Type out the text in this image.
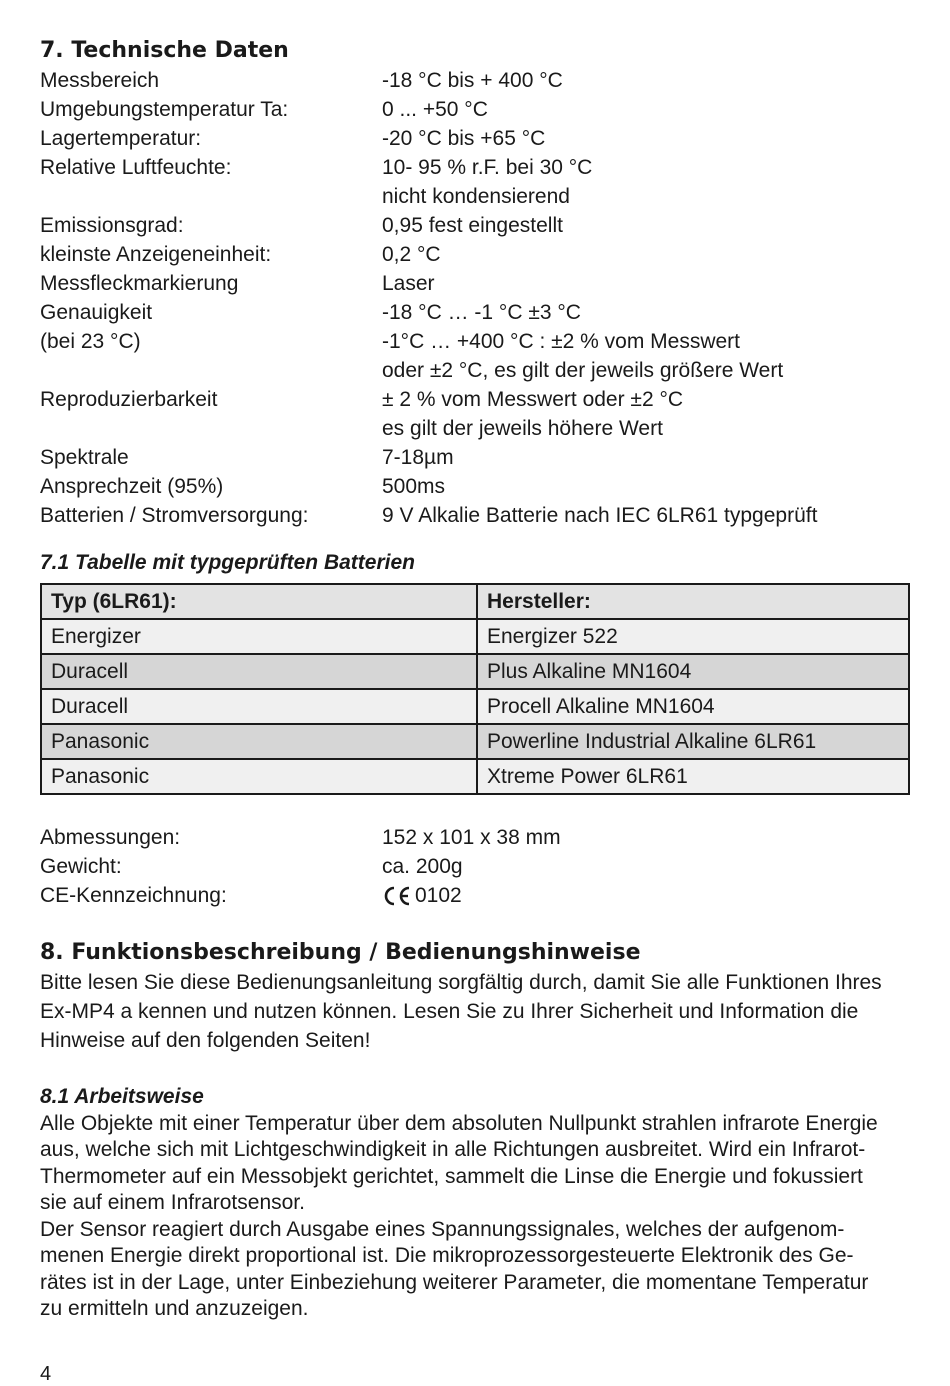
7. Technische Daten
Messbereich	-18 °C bis + 400 °C
Umgebungstemperatur Ta:	0 ... +50 °C
Lagertemperatur:	-20 °C bis +65 °C
Relative Luftfeuchte:	10- 95 % r.F. bei 30 °C
nicht kondensierend
Emissionsgrad:	0,95 fest eingestellt
kleinste Anzeigeneinheit:	0,2 °C
Messfleckmarkierung	Laser
Genauigkeit	-18 °C … -1 °C ±3 °C
(bei 23 °C)	-1°C … +400 °C : ±2 % vom Messwert
oder ±2 °C, es gilt der jeweils größere Wert
Reproduzierbarkeit	± 2 % vom Messwert oder ±2 °C
es gilt der jeweils höhere Wert
Spektrale	7-18µm
Ansprechzeit (95%)	500ms
Batterien / Stromversorgung:	9 V Alkalie Batterie nach IEC 6LR61 typgeprüft
7.1 Tabelle mit typgeprüften Batterien
Typ (6LR61):	Hersteller:
Energizer	Energizer 522
Duracell	Plus Alkaline MN1604
Duracell	Procell Alkaline MN1604
Panasonic	Powerline Industrial Alkaline 6LR61
Panasonic	Xtreme Power 6LR61
Abmessungen:	152 x 101 x 38 mm
Gewicht:	ca. 200g
CE-Kennzeichnung:	0102
8. Funktionsbeschreibung / Bedienungshinweise

Bitte lesen Sie diese Bedienungsanleitung sorgfältig durch, damit Sie alle Funktionen Ihres

Ex-MP4 a kennen und nutzen können. Lesen Sie zu Ihrer Sicherheit und Information die

Hinweise auf den folgenden Seiten!

8.1 Arbeitsweise

Alle Objekte mit einer Temperatur über dem absoluten Nullpunkt strahlen infrarote Energie

aus, welche sich mit Lichtgeschwindigkeit in alle Richtungen ausbreitet. Wird ein Infrarot-

Thermometer auf ein Messobjekt gerichtet, sammelt die Linse die Energie und fokussiert

sie auf einem Infrarotsensor.

Der Sensor reagiert durch Ausgabe eines Spannungssignales, welches der aufgenom-

menen Energie direkt proportional ist. Die mikroprozessorgesteuerte Elektronik des Ge-

rätes ist in der Lage, unter Einbeziehung weiterer Parameter, die momentane Temperatur

zu ermitteln und anzuzeigen.

4
